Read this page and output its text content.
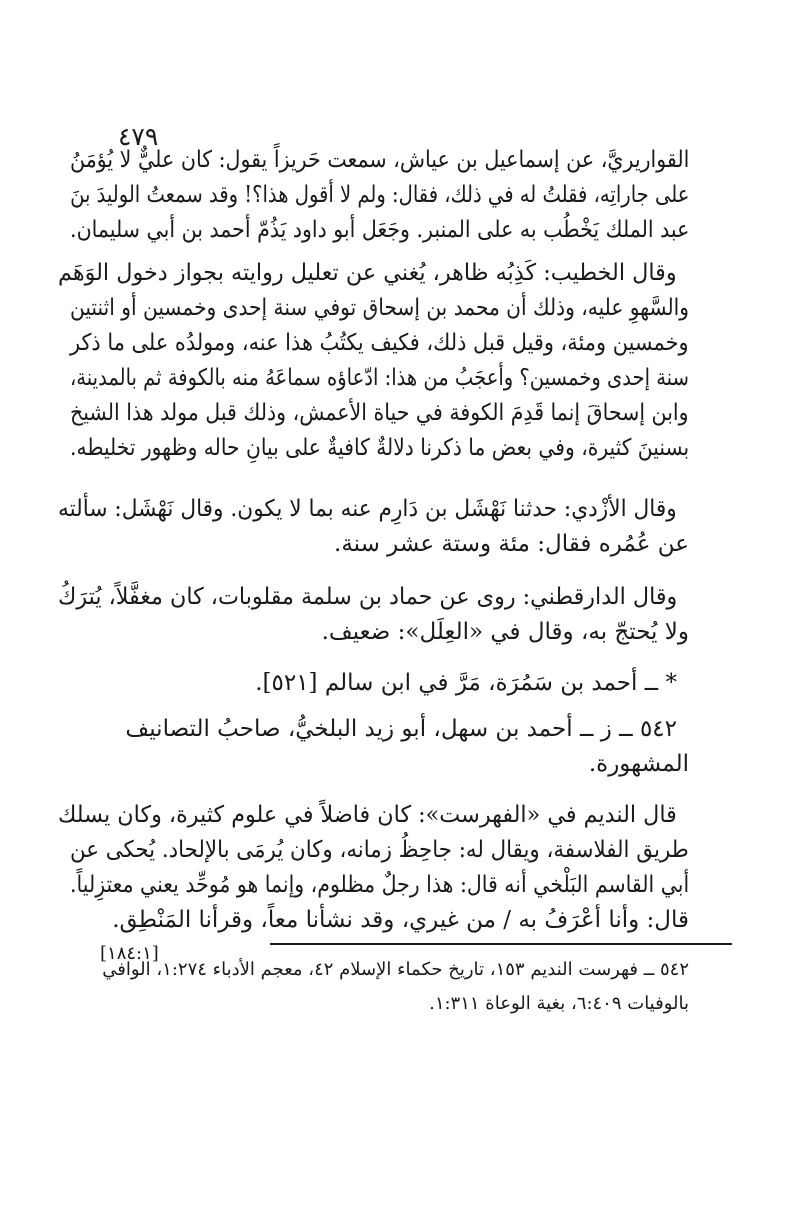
٤٧٩
القواريريَّ، عن إسماعيل بن عياش، سمعت حَريزاً يقول: كان عليٌّ لا يُؤمَنُ
على جاراتِه، فقلتُ له في ذلك، فقال: ولم لا أقول هذا؟! وقد سمعتُ الوليدَ بنَ
عبد الملك يَخْطُب به على المنبر. وجَعَل أبو داود يَذُمّ أحمد بن أبي سليمان.
وقال الخطيب: كَذِبُه ظاهر، يُغني عن تعليل روايته بجواز دخول الوَهَم
والسَّهوِ عليه، وذلك أن محمد بن إسحاق توفي سنة إحدى وخمسين أو اثنتين
وخمسين ومئة، وقيل قبل ذلك، فكيف يكتُبُ هذا عنه، ومولدُه على ما ذكر
سنة إحدى وخمسين؟ وأعجَبُ من هذا: ادّعاؤه سماعَهُ منه بالكوفة ثم بالمدينة،
وابن إسحاقَ إنما قَدِمَ الكوفة في حياة الأعمش، وذلك قبل مولد هذا الشيخ
بسنينَ كثيرة، وفي بعض ما ذكرنا دلالةٌ كافيةٌ على بيانِ حاله وظهور تخليطه.
وقال الأزْدي: حدثنا نَهْشَل بن دَارِم عنه بما لا يكون. وقال نَهْشَل: سألته
عن عُمُره فقال: مئة وستة عشر سنة.
وقال الدارقطني: روى عن حماد بن سلمة مقلوبات، كان مغفَّلاً، يُترَكُ
ولا يُحتجّ به، وقال في «العِلَل»: ضعيف.
* ــ أحمد بن سَمُرَة، مَرَّ في ابن سالم [٥٢١].
٥٤٢ ــ ز ــ أحمد بن سهل، أبو زيد البلخيُّ، صاحبُ التصانيف
المشهورة.
قال النديم في «الفهرست»: كان فاضلاً في علوم كثيرة، وكان يسلك
طريق الفلاسفة، ويقال له: جاحِظُ زمانه، وكان يُرمَى بالإلحاد. يُحكى عن
أبي القاسم البَلْخي أنه قال: هذا رجلٌ مظلوم، وإنما هو مُوحِّد يعني معتزِلياً.
قال: وأنا أعْرَفُ به / من غيري، وقد نشأنا معاً، وقرأنا المَنْطِق.
[١٨٤:١]
٥٤٢ ــ فهرست النديم ١٥٣، تاريخ حكماء الإسلام ٤٢، معجم الأدباء ١:٢٧٤، الوافي
بالوفيات ٦:٤٠٩، بغية الوعاة ١:٣١١.
